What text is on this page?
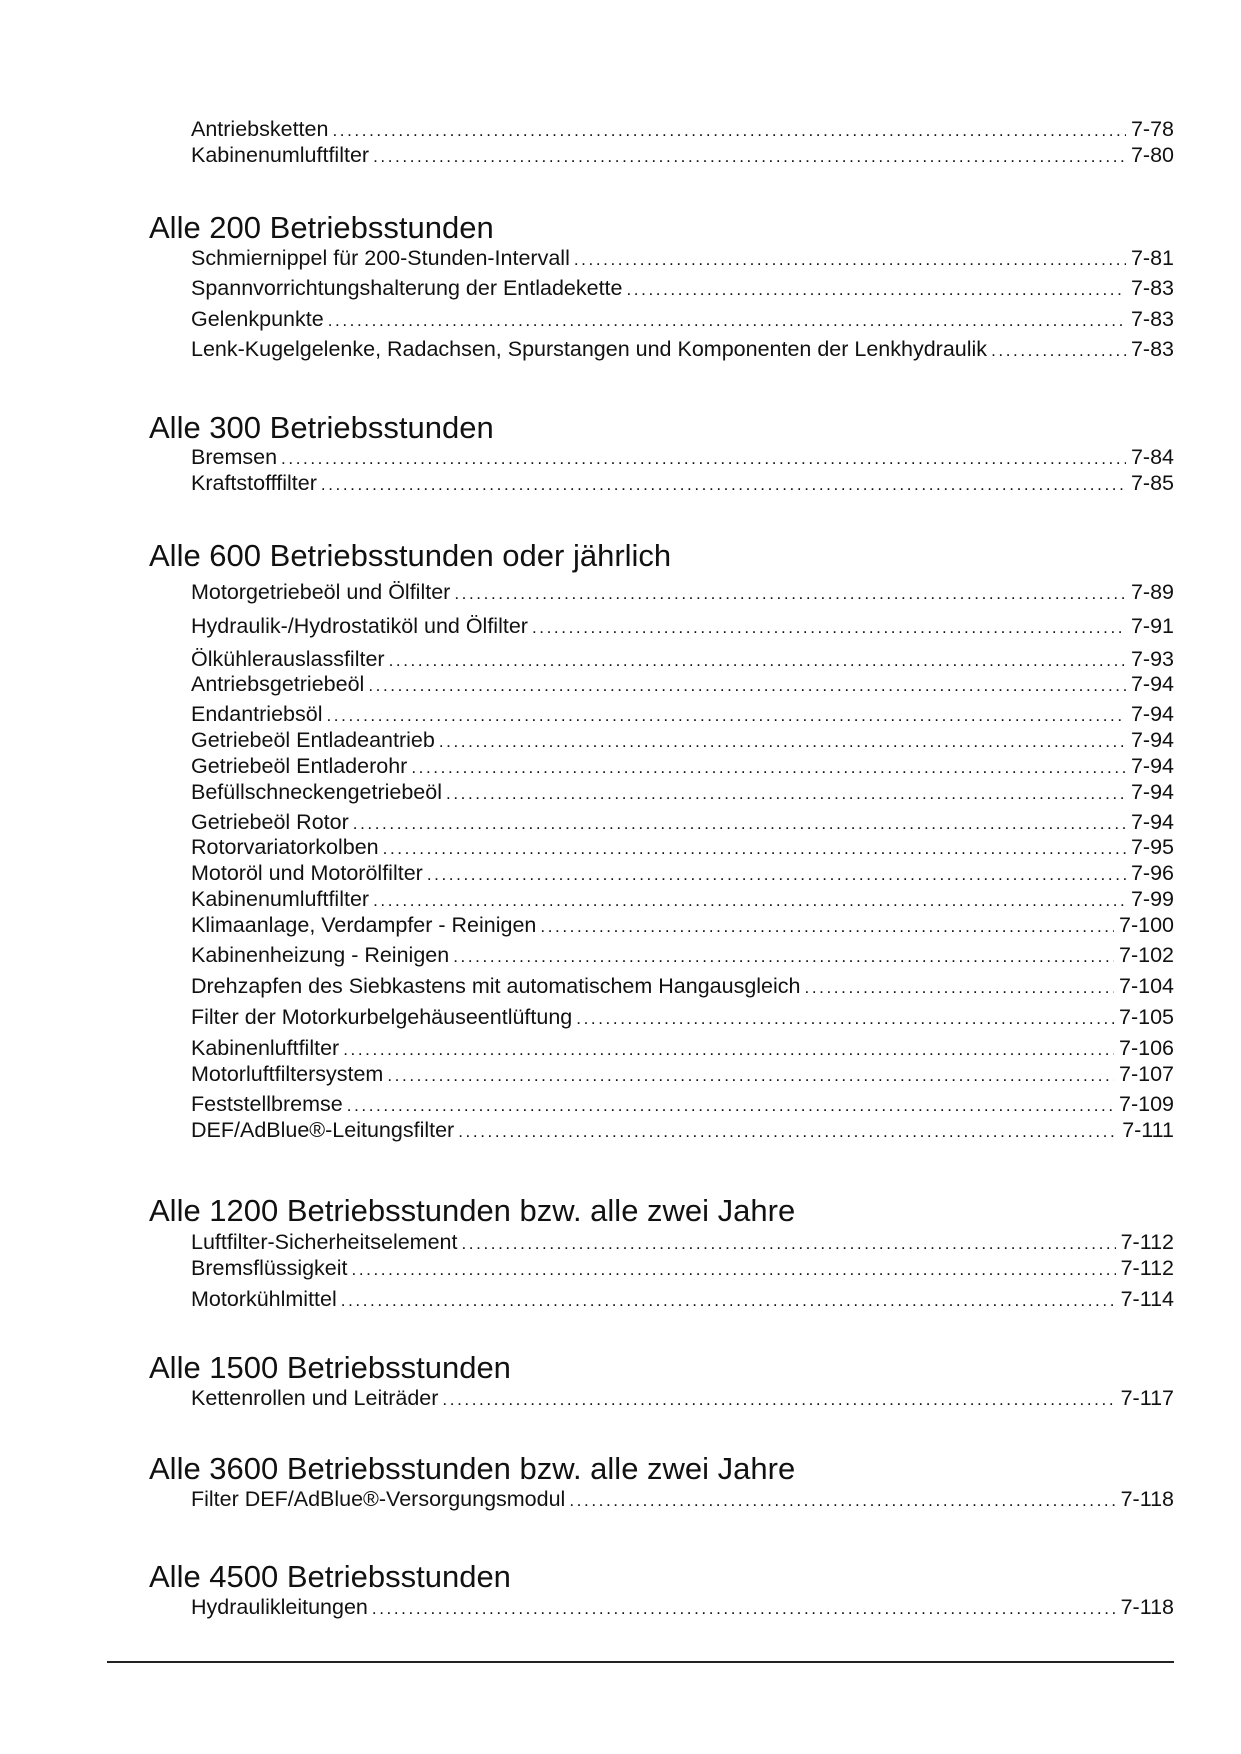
Antriebsketten .....	7-78
Kabinenumluftfilter .....	7-80
Alle 200 Betriebsstunden
Schmiernippel für 200-Stunden-Intervall .....	7-81
Spannvorrichtungshalterung der Entladekette .....	7-83
Gelenkpunkte .....	7-83
Lenk-Kugelgelenke, Radachsen, Spurstangen und Komponenten der Lenkhydraulik .....	7-83
Alle 300 Betriebsstunden
Bremsen .....	7-84
Kraftstofffilter .....	7-85
Alle 600 Betriebsstunden oder jährlich
Motorgetriebeöl und Ölfilter .....	7-89
Hydraulik-/Hydrostatiköl und Ölfilter .....	7-91
Ölkühlerauslassfilter .....	7-93
Antriebsgetriebeöl .....	7-94
Endantriebsöl .....	7-94
Getriebeöl Entladeantrieb .....	7-94
Getriebeöl Entladerohr .....	7-94
Befüllschneckengetriebeöl .....	7-94
Getriebeöl Rotor .....	7-94
Rotorvariatorkolben .....	7-95
Motoröl und Motorölfilter .....	7-96
Kabinenumluftfilter .....	7-99
Klimaanlage, Verdampfer - Reinigen .....	7-100
Kabinenheizung - Reinigen .....	7-102
Drehzapfen des Siebkastens mit automatischem Hangausgleich .....	7-104
Filter der Motorkurbelgehäuseentlüftung .....	7-105
Kabinenluftfilter .....	7-106
Motorluftfiltersystem .....	7-107
Feststellbremse .....	7-109
DEF/AdBlue®-Leitungsfilter .....	7-111
Alle 1200 Betriebsstunden bzw. alle zwei Jahre
Luftfilter-Sicherheitselement .....	7-112
Bremsflüssigkeit .....	7-112
Motorkühlmittel .....	7-114
Alle 1500 Betriebsstunden
Kettenrollen und Leiträder .....	7-117
Alle 3600 Betriebsstunden bzw. alle zwei Jahre
Filter DEF/AdBlue®-Versorgungsmodul .....	7-118
Alle 4500 Betriebsstunden
Hydraulikleitungen .....	7-118
